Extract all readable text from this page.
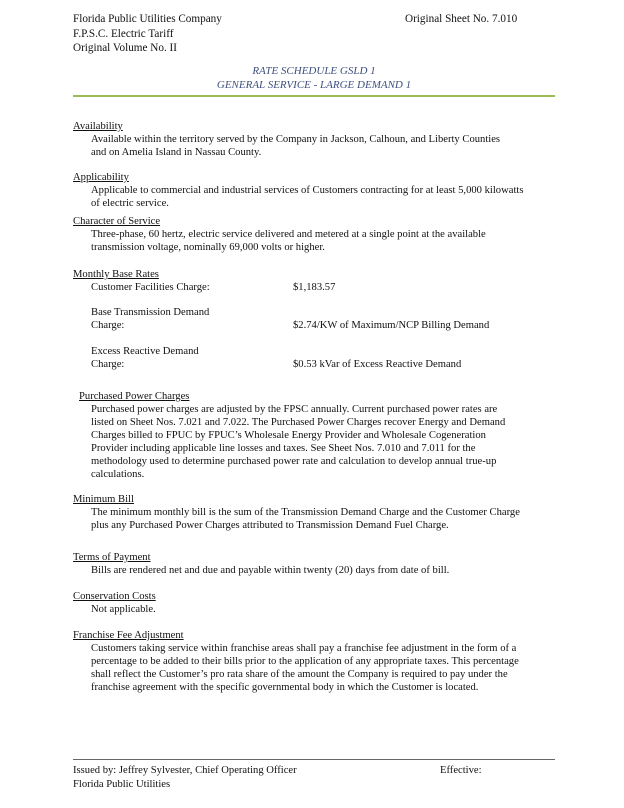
Florida Public Utilities Company
F.P.S.C. Electric Tariff
Original Volume No. II
Original Sheet No. 7.010
RATE SCHEDULE GSLD 1
GENERAL SERVICE - LARGE DEMAND 1
Availability
Available within the territory served by the Company in Jackson, Calhoun, and Liberty Counties
and on Amelia Island in Nassau County.
Applicability
Applicable to commercial and industrial services of Customers contracting for at least 5,000 kilowatts
of electric service.
Character of Service
Three-phase, 60 hertz, electric service delivered and metered at a single point at the available
transmission voltage, nominally 69,000 volts or higher.
Monthly Base Rates
Customer Facilities Charge:	$1,183.57
Base Transmission Demand
Charge:	$2.74/KW of Maximum/NCP Billing Demand
Excess Reactive Demand
Charge:	$0.53 kVar of Excess Reactive Demand
Purchased Power Charges
Purchased power charges are adjusted by the FPSC annually. Current purchased power rates are
listed on Sheet Nos. 7.021 and 7.022. The Purchased Power Charges recover Energy and Demand
Charges billed to FPUC by FPUC’s Wholesale Energy Provider and Wholesale Cogeneration
Provider including applicable line losses and taxes. See Sheet Nos. 7.010 and 7.011 for the
methodology used to determine purchased power rate and calculation to develop annual true-up
calculations.
Minimum Bill
The minimum monthly bill is the sum of the Transmission Demand Charge and the Customer Charge
plus any Purchased Power Charges attributed to Transmission Demand Fuel Charge.
Terms of Payment
Bills are rendered net and due and payable within twenty (20) days from date of bill.
Conservation Costs
Not applicable.
Franchise Fee Adjustment
Customers taking service within franchise areas shall pay a franchise fee adjustment in the form of a
percentage to be added to their bills prior to the application of any appropriate taxes. This percentage
shall reflect the Customer’s pro rata share of the amount the Company is required to pay under the
franchise agreement with the specific governmental body in which the Customer is located.
Issued by: Jeffrey Sylvester, Chief Operating Officer
Florida Public Utilities
Effective:
